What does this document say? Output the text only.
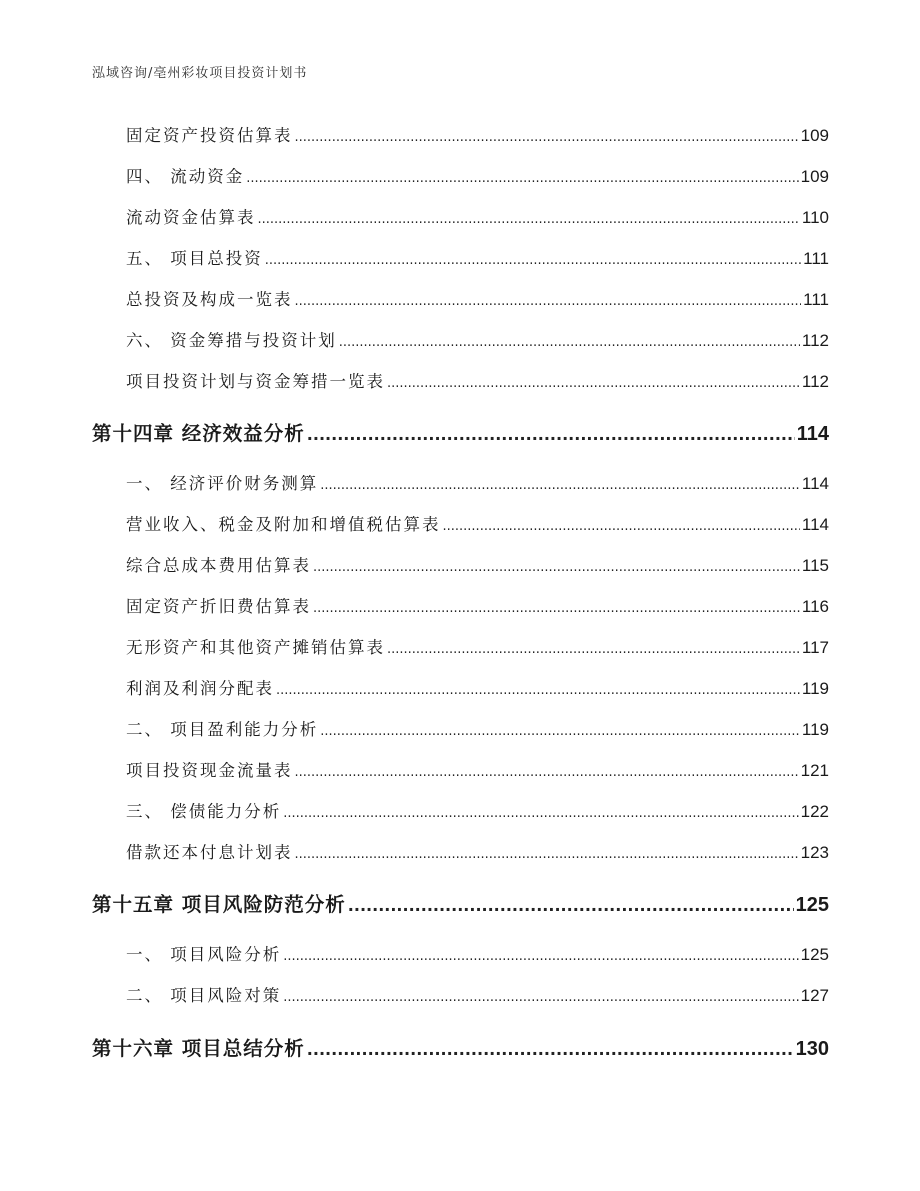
泓域咨询/亳州彩妆项目投资计划书
固定资产投资估算表 .....	109
四、 流动资金 .....	109
流动资金估算表 .....	110
五、 项目总投资 .....	111
总投资及构成一览表 .....	111
六、 资金筹措与投资计划 .....	112
项目投资计划与资金筹措一览表 .....	112
第十四章 经济效益分析 .....	114
一、 经济评价财务测算 .....	114
营业收入、税金及附加和增值税估算表 .....	114
综合总成本费用估算表 .....	115
固定资产折旧费估算表 .....	116
无形资产和其他资产摊销估算表 .....	117
利润及利润分配表 .....	119
二、 项目盈利能力分析 .....	119
项目投资现金流量表 .....	121
三、 偿债能力分析 .....	122
借款还本付息计划表 .....	123
第十五章 项目风险防范分析 .....	125
一、 项目风险分析 .....	125
二、 项目风险对策 .....	127
第十六章 项目总结分析 .....	130
